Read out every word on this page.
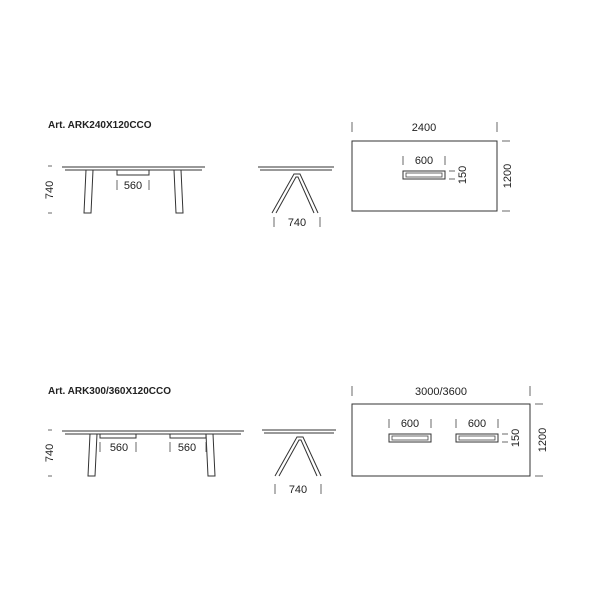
Art. ARK240X120CCO
560
740
740
2400
600
150	1200
Art. ARK300/360X120CCO
560	560
740
740
3000/3600
600	600
150 1200
